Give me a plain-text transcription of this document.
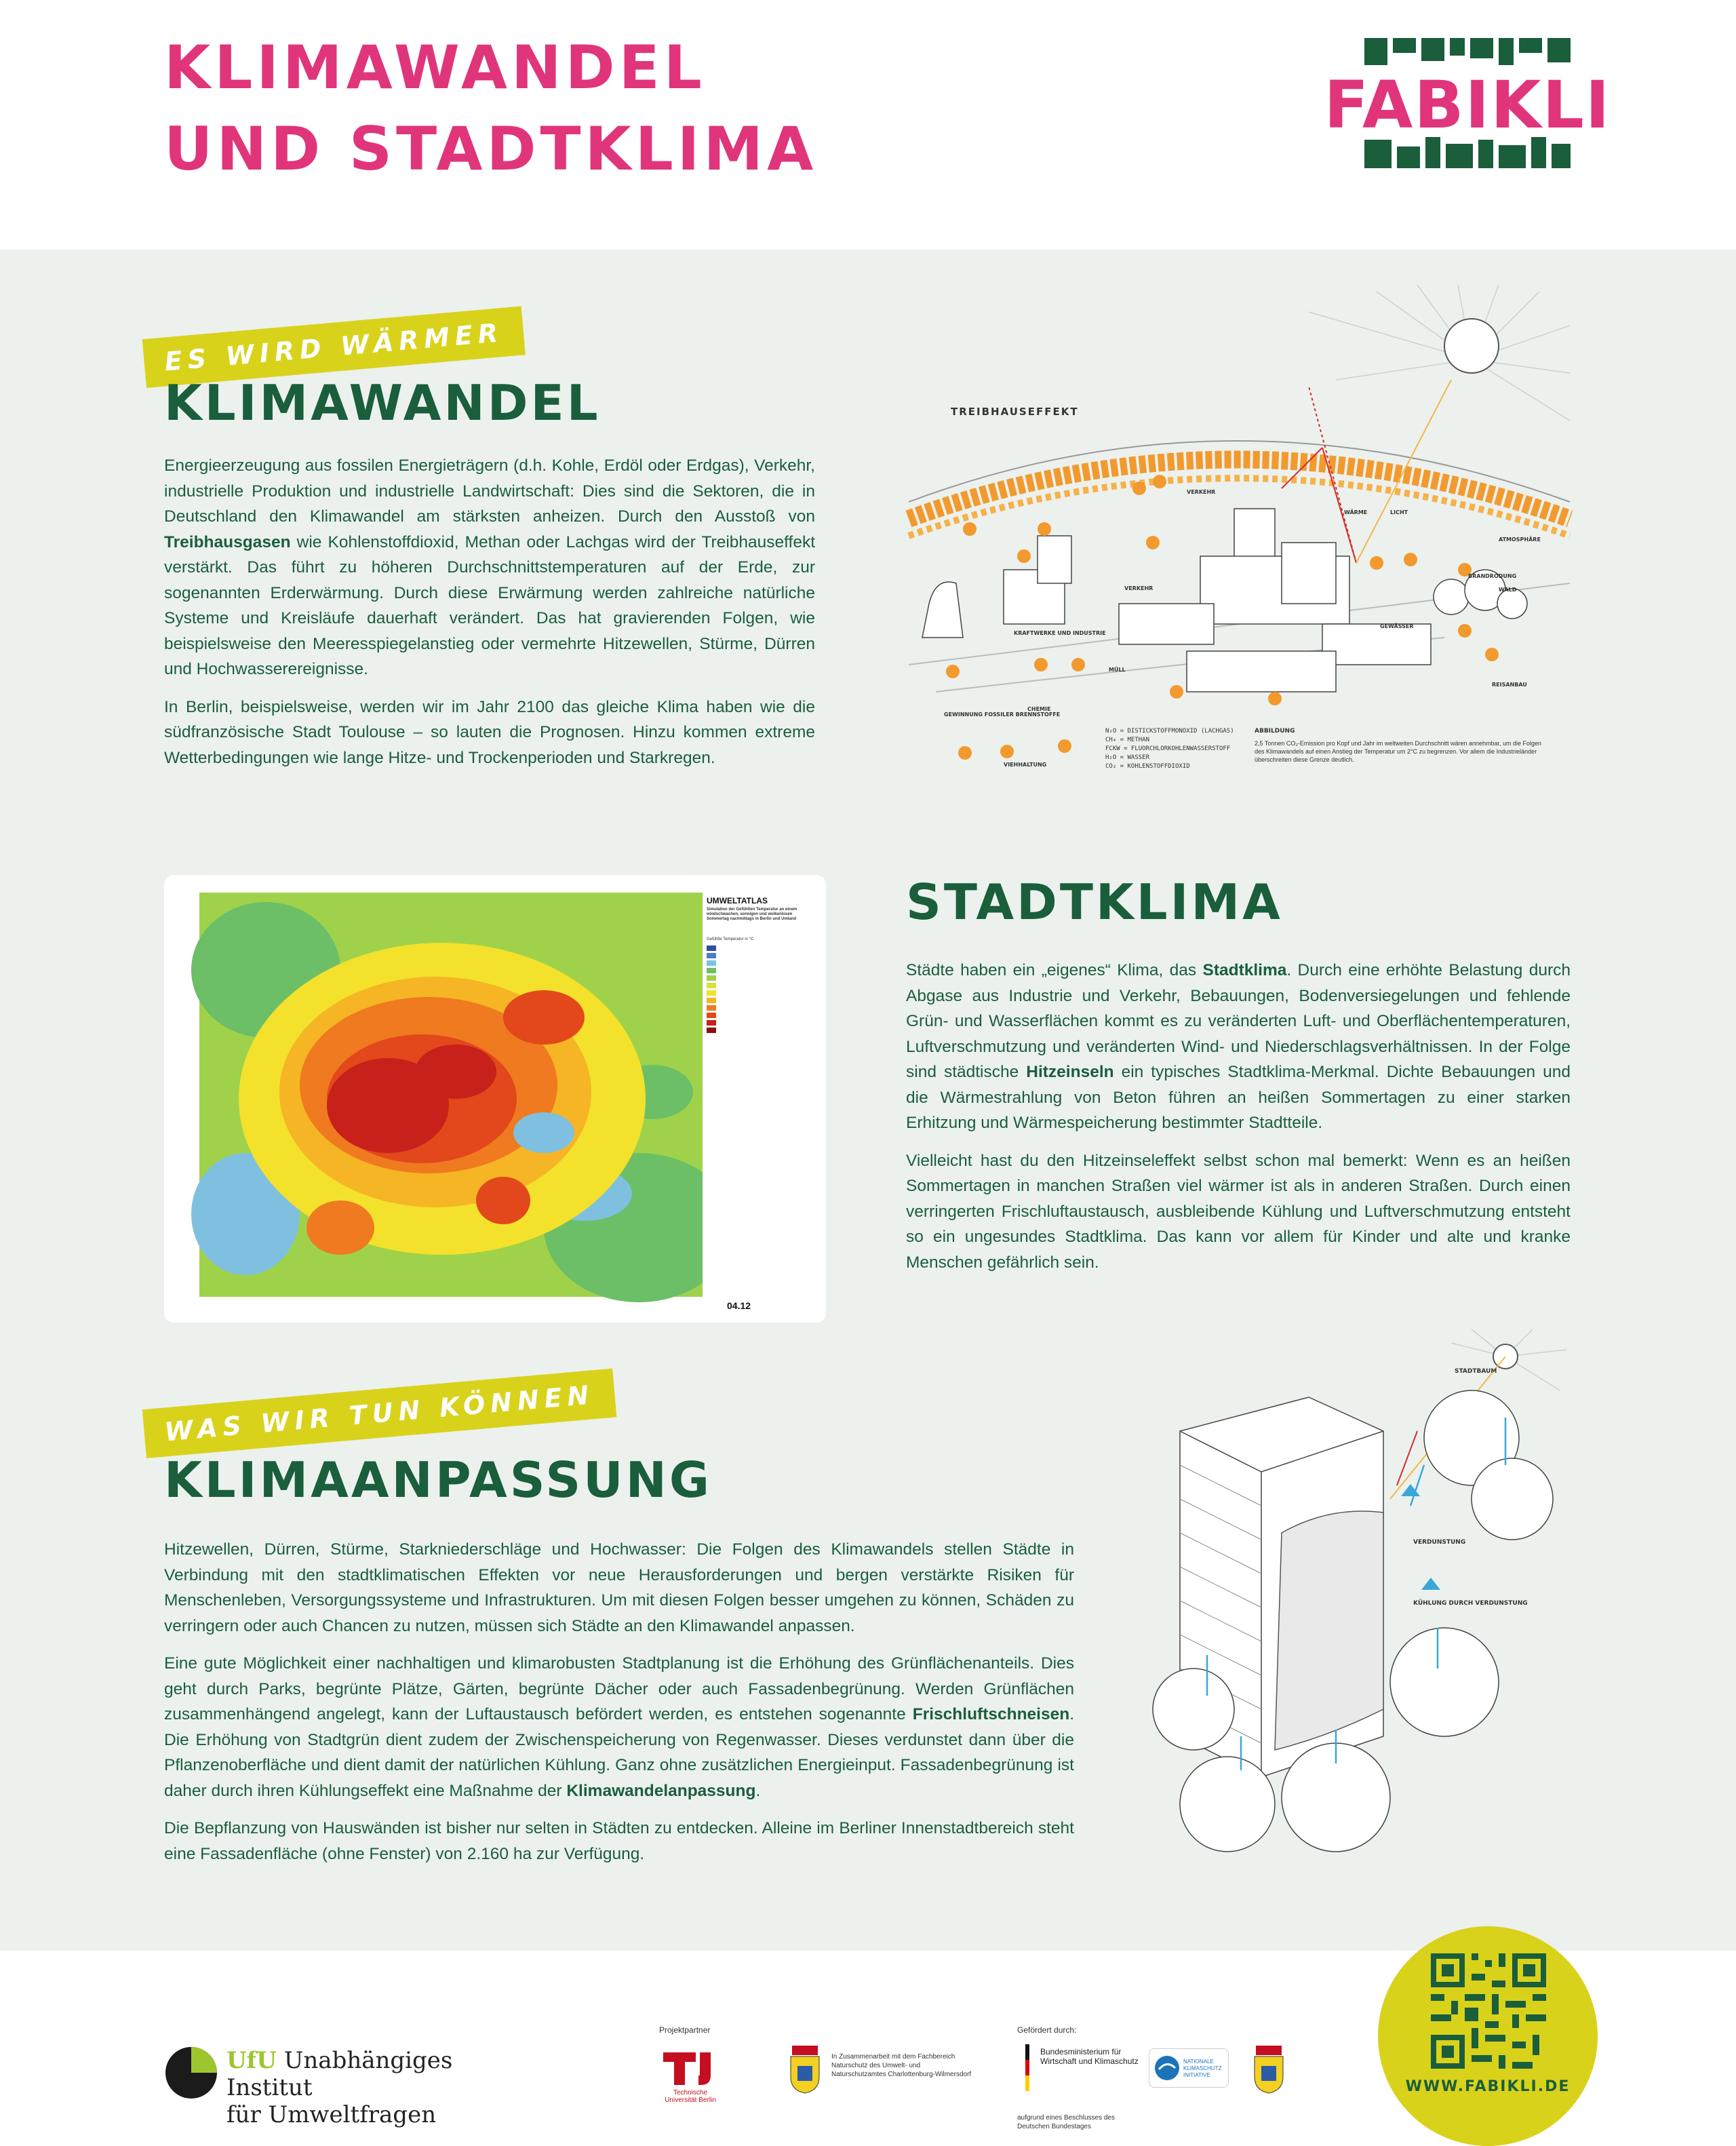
KLIMAWANDEL
UND STADTKLIMA
FABIKLI
ES WIRD WÄRMER
KLIMAWANDEL

Energieerzeugung aus fossilen Energieträgern (d.h. Kohle, Erdöl oder Erdgas), Verkehr, industrielle Produktion und industrielle Landwirtschaft: Dies sind die Sektoren, die in Deutschland den Klimawandel am stärksten anheizen. Durch den Ausstoß von Treibhausgasen wie Kohlenstoffdioxid, Methan oder Lachgas wird der Treibhauseffekt verstärkt. Das führt zu höheren Durchschnittstemperaturen auf der Erde, zur sogenannten Erderwärmung. Durch diese Erwärmung werden zahlreiche natürliche Systeme und Kreisläufe dauerhaft verändert. Das hat gravierenden Folgen, wie beispielsweise den Meeresspiegelanstieg oder vermehrte Hitzewellen, Stürme, Dürren und Hochwasserereignisse.

In Berlin, beispielsweise, werden wir im Jahr 2100 das gleiche Klima haben wie die südfranzösische Stadt Toulouse – so lauten die Prognosen. Hinzu kommen extreme Wetterbedingungen wie lange Hitze- und Trockenperioden und Starkregen.

TREIBHAUSEFFEKT
VERKEHR
WÄRME	LICHT
ATMOSPHÄRE
KRAFTWERKE UND INDUSTRIE
VERKEHR
BRANDRODUNG
WALD
GEWÄSSER
MÜLL
GEWINNUNG FOSSILER BRENNSTOFFE
CHEMIE
VIEHHALTUNG
REISANBAU
N₂O = DISTICKSTOFFMONOXID (LACHGAS)
CH₄ = METHAN
FCKW = FLUORCHLORKOHLENWASSERSTOFF
H₂O = WASSER
CO₂ = KOHLENSTOFFDIOXID
ABBILDUNG
2,5 Tonnen CO₂-Emission pro Kopf und Jahr im weltweiten Durchschnitt wären annehmbar, um die Folgen des Klimawandels auf einen Anstieg der Temperatur um 2°C zu begrenzen. Vor allem die Industrieländer überschreiten diese Grenze deutlich.
UMWELTATLAS
Gefühlte Temperatur in °C
04.12
Simulation der Gefühlten Temperatur an einem windschwachen, sonnigen und wolkenlosen Sommertag nachmittags in Berlin und Umland STADTKLIMA

Städte haben ein „eigenes“ Klima, das Stadtklima. Durch eine erhöhte Belastung durch Abgase aus Industrie und Verkehr, Bebauungen, Bodenversiegelungen und fehlende Grün- und Wasserflächen kommt es zu veränderten Luft- und Oberflächentemperaturen, Luftverschmutzung und veränderten Wind- und Niederschlagsverhältnissen. In der Folge sind städtische Hitzeinseln ein typisches Stadtklima-Merkmal. Dichte Bebauungen und die Wärmestrahlung von Beton führen an heißen Sommertagen zu einer starken Erhitzung und Wärmespeicherung bestimmter Stadtteile.

Vielleicht hast du den Hitzeinseleffekt selbst schon mal bemerkt: Wenn es an heißen Sommertagen in manchen Straßen viel wärmer ist als in anderen Straßen. Durch einen verringerten Frischluftaustausch, ausbleibende Kühlung und Luftverschmutzung entsteht so ein ungesundes Stadtklima. Das kann vor allem für Kinder und alte und kranke Menschen gefährlich sein.

WAS WIR TUN KÖNNEN
KLIMAANPASSUNG

Hitzewellen, Dürren, Stürme, Starkniederschläge und Hochwasser: Die Folgen des Klimawandels stellen Städte in Verbindung mit den stadtklimatischen Effekten vor neue Herausforderungen und bergen verstärkte Risiken für Menschenleben, Versorgungssysteme und Infrastrukturen. Um mit diesen Folgen besser umgehen zu können, Schäden zu verringern oder auch Chancen zu nutzen, müssen sich Städte an den Klimawandel anpassen.

Eine gute Möglichkeit einer nachhaltigen und klimarobusten Stadtplanung ist die Erhöhung des Grünflächenanteils. Dies geht durch Parks, begrünte Plätze, Gärten, begrünte Dächer oder auch Fassadenbegrünung. Werden Grünflächen zusammenhängend angelegt, kann der Luftaustausch befördert werden, es entstehen sogenannte Frischluftschneisen. Die Erhöhung von Stadtgrün dient zudem der Zwischenspeicherung von Regenwasser. Dieses verdunstet dann über die Pflanzenoberfläche und dient damit der natürlichen Kühlung. Ganz ohne zusätzlichen Energieinput. Fassadenbegrünung ist daher durch ihren Kühlungseffekt eine Maßnahme der Klimawandelanpassung.

Die Bepflanzung von Hauswänden ist bisher nur selten in Städten zu entdecken. Alleine im Berliner Innenstadtbereich steht eine Fassadenfläche (ohne Fenster) von 2.160 ha zur Verfügung.

STADTBAUM
VERDUNSTUNG
KÜHLUNG DURCH VERDUNSTUNG
UfU Unabhängiges Institut
für Umweltfragen
Projektpartner
Technische Universität Berlin
In Zusammenarbeit mit dem Fachbereich Naturschutz des Umwelt- und Naturschutzamtes Charlottenburg-Wilmersdorf
Gefördert durch:
Bundesministerium für Wirtschaft und Klimaschutz	NATIONALE KLIMASCHUTZ INITIATIVE
aufgrund eines Beschlusses des Deutschen Bundestages
WWW.FABIKLI.DE
